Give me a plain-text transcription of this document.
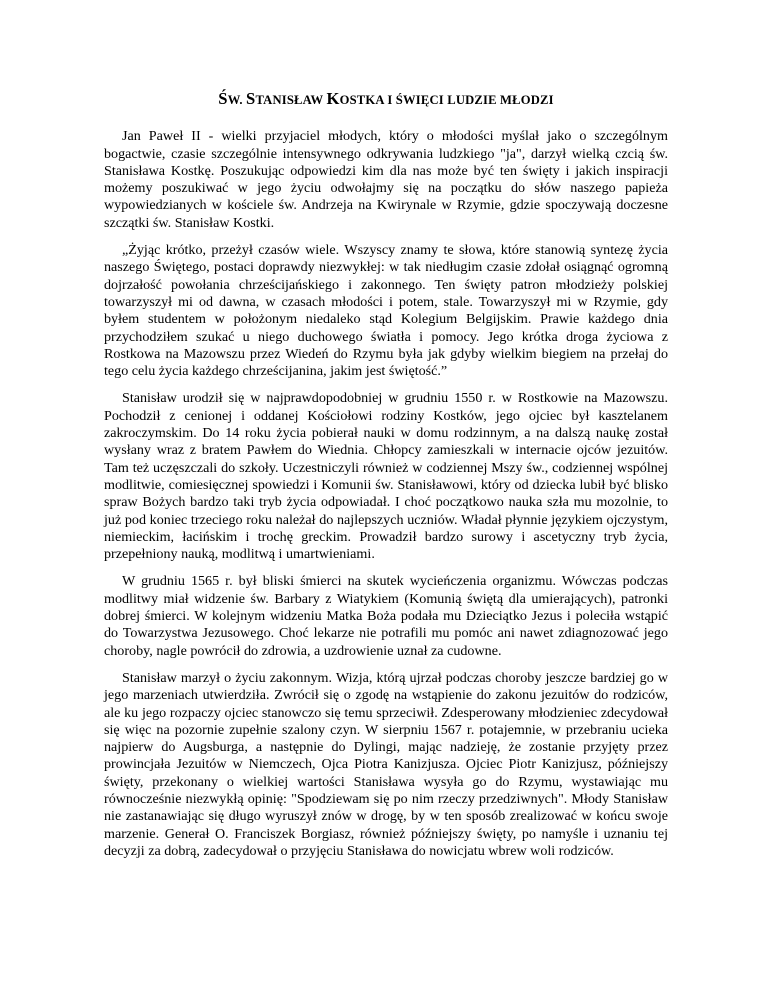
ŚW. STANISŁAW KOSTKA I ŚWIĘCI LUDZIE MŁODZI

Jan Paweł II - wielki przyjaciel młodych, który o młodości myślał jako o szczególnym bogactwie, czasie szczególnie intensywnego odkrywania ludzkiego "ja", darzył wielką czcią św. Stanisława Kostkę. Poszukując odpowiedzi kim dla nas może być ten święty i jakich inspiracji możemy poszukiwać w jego życiu odwołajmy się na początku do słów naszego papieża wypowiedzianych w kościele św. Andrzeja na Kwirynale w Rzymie, gdzie spoczywają doczesne szczątki św. Stanisław Kostki.

„Żyjąc krótko, przeżył czasów wiele. Wszyscy znamy te słowa, które stanowią syntezę życia naszego Świętego, postaci doprawdy niezwykłej: w tak niedługim czasie zdołał osiągnąć ogromną dojrzałość powołania chrześcijańskiego i zakonnego. Ten święty patron młodzieży polskiej towarzyszył mi od dawna, w czasach młodości i potem, stale. Towarzyszył mi w Rzymie, gdy byłem studentem w położonym niedaleko stąd Kolegium Belgijskim. Prawie każdego dnia przychodziłem szukać u niego duchowego światła i pomocy. Jego krótka droga życiowa z Rostkowa na Mazowszu przez Wiedeń do Rzymu była jak gdyby wielkim biegiem na przełaj do tego celu życia każdego chrześcijanina, jakim jest świętość.”

Stanisław urodził się w najprawdopodobniej w grudniu 1550 r. w Rostkowie na Mazowszu. Pochodził z cenionej i oddanej Kościołowi rodziny Kostków, jego ojciec był kasztelanem zakroczymskim. Do 14 roku życia pobierał nauki w domu rodzinnym, a na dalszą naukę został wysłany wraz z bratem Pawłem do Wiednia. Chłopcy zamieszkali w internacie ojców jezuitów. Tam też uczęszczali do szkoły. Uczestniczyli również w codziennej Mszy św., codziennej wspólnej modlitwie, comiesięcznej spowiedzi i Komunii św. Stanisławowi, który od dziecka lubił być blisko spraw Bożych bardzo taki tryb życia odpowiadał. I choć początkowo nauka szła mu mozolnie, to już pod koniec trzeciego roku należał do najlepszych uczniów. Władał płynnie językiem ojczystym, niemieckim, łacińskim i trochę greckim. Prowadził bardzo surowy i ascetyczny tryb życia, przepełniony nauką, modlitwą i umartwieniami.

W grudniu 1565 r. był bliski śmierci na skutek wycieńczenia organizmu. Wówczas podczas modlitwy miał widzenie św. Barbary z Wiatykiem (Komunią świętą dla umierających), patronki dobrej śmierci. W kolejnym widzeniu Matka Boża podała mu Dzieciątko Jezus i poleciła wstąpić do Towarzystwa Jezusowego. Choć lekarze nie potrafili mu pomóc ani nawet zdiagnozować jego choroby, nagle powrócił do zdrowia, a uzdrowienie uznał za cudowne.

Stanisław marzył o życiu zakonnym. Wizja, którą ujrzał podczas choroby jeszcze bardziej go w jego marzeniach utwierdziła. Zwrócił się o zgodę na wstąpienie do zakonu jezuitów do rodziców, ale ku jego rozpaczy ojciec stanowczo się temu sprzeciwił. Zdesperowany młodzieniec zdecydował się więc na pozornie zupełnie szalony czyn. W sierpniu 1567 r. potajemnie, w przebraniu ucieka najpierw do Augsburga, a następnie do Dylingi, mając nadzieję, że zostanie przyjęty przez prowincjała Jezuitów w Niemczech, Ojca Piotra Kanizjusza. Ojciec Piotr Kanizjusz, późniejszy święty, przekonany o wielkiej wartości Stanisława wysyła go do Rzymu, wystawiając mu równocześnie niezwykłą opinię: "Spodziewam się po nim rzeczy przedziwnych". Młody Stanisław nie zastanawiając się długo wyruszył znów w drogę, by w ten sposób zrealizować w końcu swoje marzenie. Generał O. Franciszek Borgiasz, również późniejszy święty, po namyśle i uznaniu tej decyzji za dobrą, zadecydował o przyjęciu Stanisława do nowicjatu wbrew woli rodziców.
